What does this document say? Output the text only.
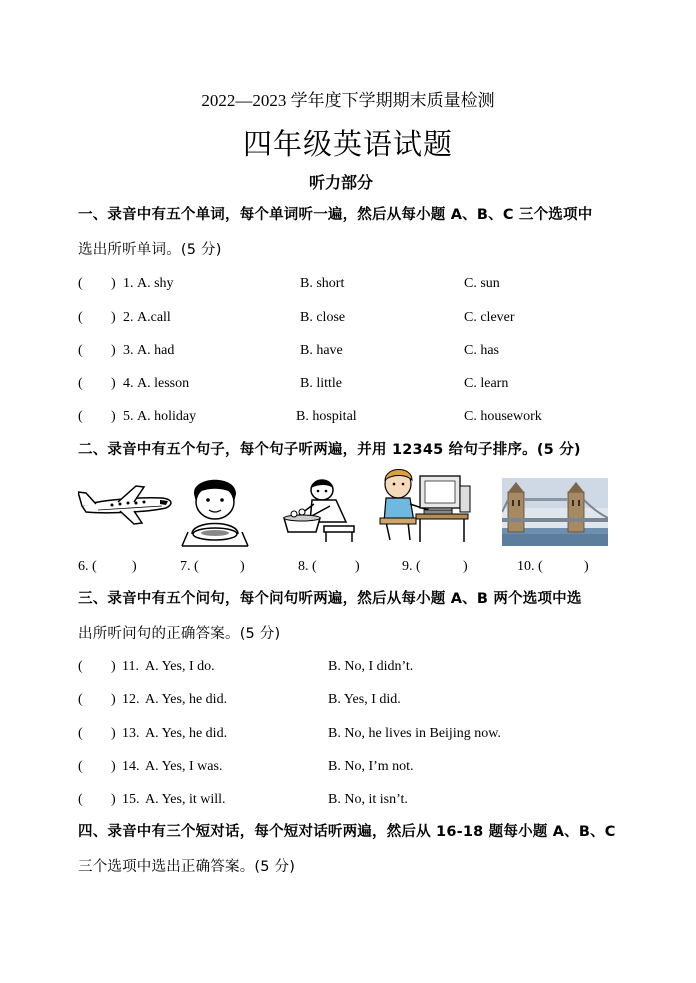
2022—2023 学年度下学期期末质量检测
四年级英语试题
听力部分
一、录音中有五个单词，每个单词听一遍，然后从每小题 A、B、C 三个选项中
选出所听单词。(5 分)
( ) 1. A. shy	B. short	C. sun
( ) 2. A.call	B. close	C. clever
( ) 3. A. had	B. have	C. has
( ) 4. A. lesson	B. little	C. learn
( ) 5. A. holiday	B. hospital	C. housework
二、录音中有五个句子，每个句子听两遍，并用 12345 给句子排序。(5 分)
6. (	)	7. (	)	8. (	)	9. (	)	10. (	)
三、录音中有五个问句，每个问句听两遍，然后从每小题 A、B 两个选项中选
出所听问句的正确答案。(5 分)
( ) 11. A. Yes, I do.	B. No, I didn’t.
( ) 12. A. Yes, he did.	B. Yes, I did.
( ) 13. A. Yes, he did.	B. No, he lives in Beijing now.
( ) 14. A. Yes, I was.	B. No, I’m not.
( ) 15. A. Yes, it will.	B. No, it isn’t.
四、录音中有三个短对话，每个短对话听两遍，然后从 16-18 题每小题 A、B、C
三个选项中选出正确答案。(5 分)
